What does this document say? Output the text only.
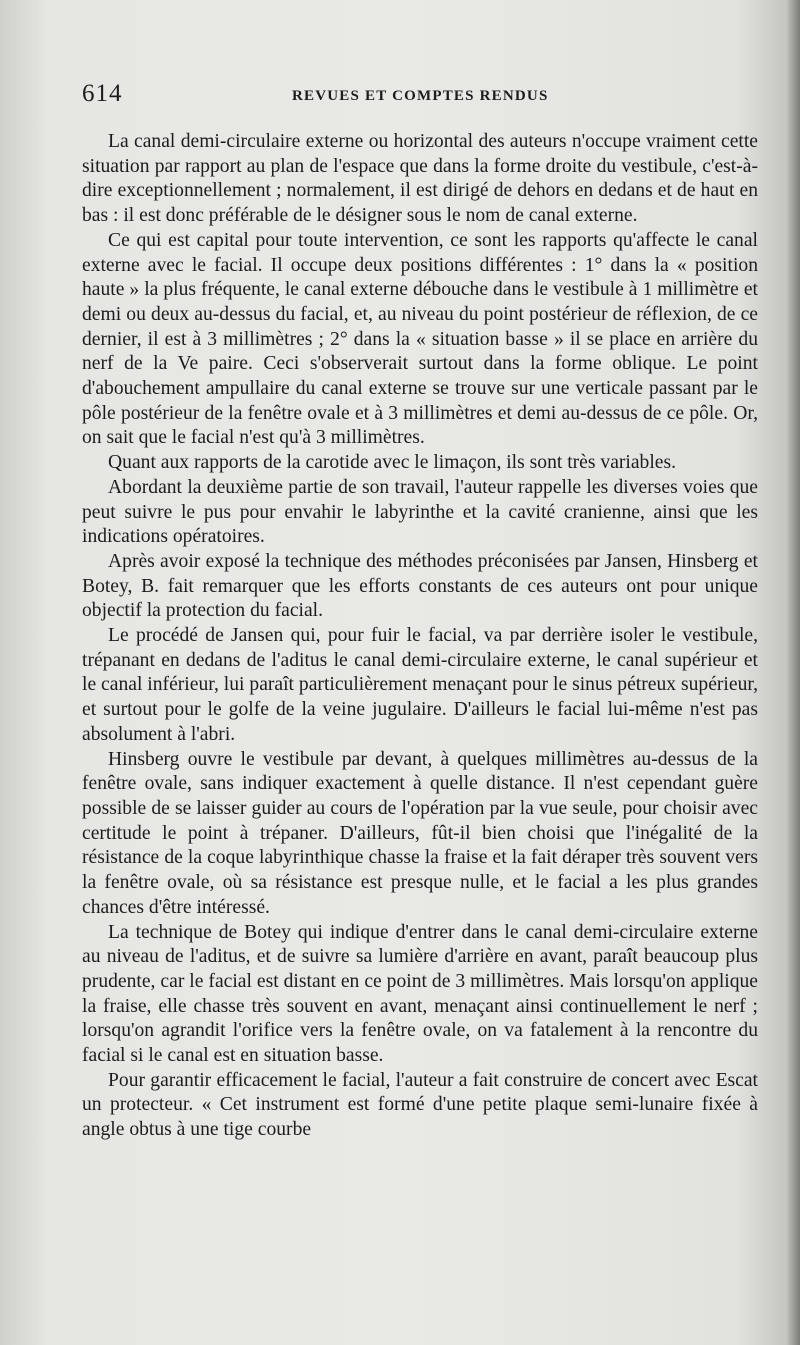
614	REVUES ET COMPTES RENDUS

La canal demi-circulaire externe ou horizontal des auteurs n'occupe vraiment cette situation par rapport au plan de l'espace que dans la forme droite du vestibule, c'est-à-dire exceptionnellement ; normalement, il est dirigé de dehors en dedans et de haut en bas : il est donc préférable de le désigner sous le nom de canal externe.

Ce qui est capital pour toute intervention, ce sont les rapports qu'affecte le canal externe avec le facial. Il occupe deux positions différentes : 1° dans la « position haute » la plus fréquente, le canal externe débouche dans le vestibule à 1 millimètre et demi ou deux au-dessus du facial, et, au niveau du point postérieur de réflexion, de ce dernier, il est à 3 millimètres ; 2° dans la « situation basse » il se place en arrière du nerf de la Ve paire. Ceci s'observerait surtout dans la forme oblique. Le point d'abouchement ampullaire du canal externe se trouve sur une verticale passant par le pôle postérieur de la fenêtre ovale et à 3 millimètres et demi au-dessus de ce pôle. Or, on sait que le facial n'est qu'à 3 millimètres.

Quant aux rapports de la carotide avec le limaçon, ils sont très variables.

Abordant la deuxième partie de son travail, l'auteur rappelle les diverses voies que peut suivre le pus pour envahir le labyrinthe et la cavité cranienne, ainsi que les indications opératoires.

Après avoir exposé la technique des méthodes préconisées par Jansen, Hinsberg et Botey, B. fait remarquer que les efforts constants de ces auteurs ont pour unique objectif la protection du facial.

Le procédé de Jansen qui, pour fuir le facial, va par derrière isoler le vestibule, trépanant en dedans de l'aditus le canal demi-circulaire externe, le canal supérieur et le canal inférieur, lui paraît particulièrement menaçant pour le sinus pétreux supérieur, et surtout pour le golfe de la veine jugulaire. D'ailleurs le facial lui-même n'est pas absolument à l'abri.

Hinsberg ouvre le vestibule par devant, à quelques millimètres au-dessus de la fenêtre ovale, sans indiquer exactement à quelle distance. Il n'est cependant guère possible de se laisser guider au cours de l'opération par la vue seule, pour choisir avec certitude le point à trépaner. D'ailleurs, fût-il bien choisi que l'inégalité de la résistance de la coque labyrinthique chasse la fraise et la fait déraper très souvent vers la fenêtre ovale, où sa résistance est presque nulle, et le facial a les plus grandes chances d'être intéressé.

La technique de Botey qui indique d'entrer dans le canal demi-circulaire externe au niveau de l'aditus, et de suivre sa lumière d'arrière en avant, paraît beaucoup plus prudente, car le facial est distant en ce point de 3 millimètres. Mais lorsqu'on applique la fraise, elle chasse très souvent en avant, menaçant ainsi continuellement le nerf ; lorsqu'on agrandit l'orifice vers la fenêtre ovale, on va fatalement à la rencontre du facial si le canal est en situation basse.

Pour garantir efficacement le facial, l'auteur a fait construire de concert avec Escat un protecteur. « Cet instrument est formé d'une petite plaque semi-lunaire fixée à angle obtus à une tige courbe
